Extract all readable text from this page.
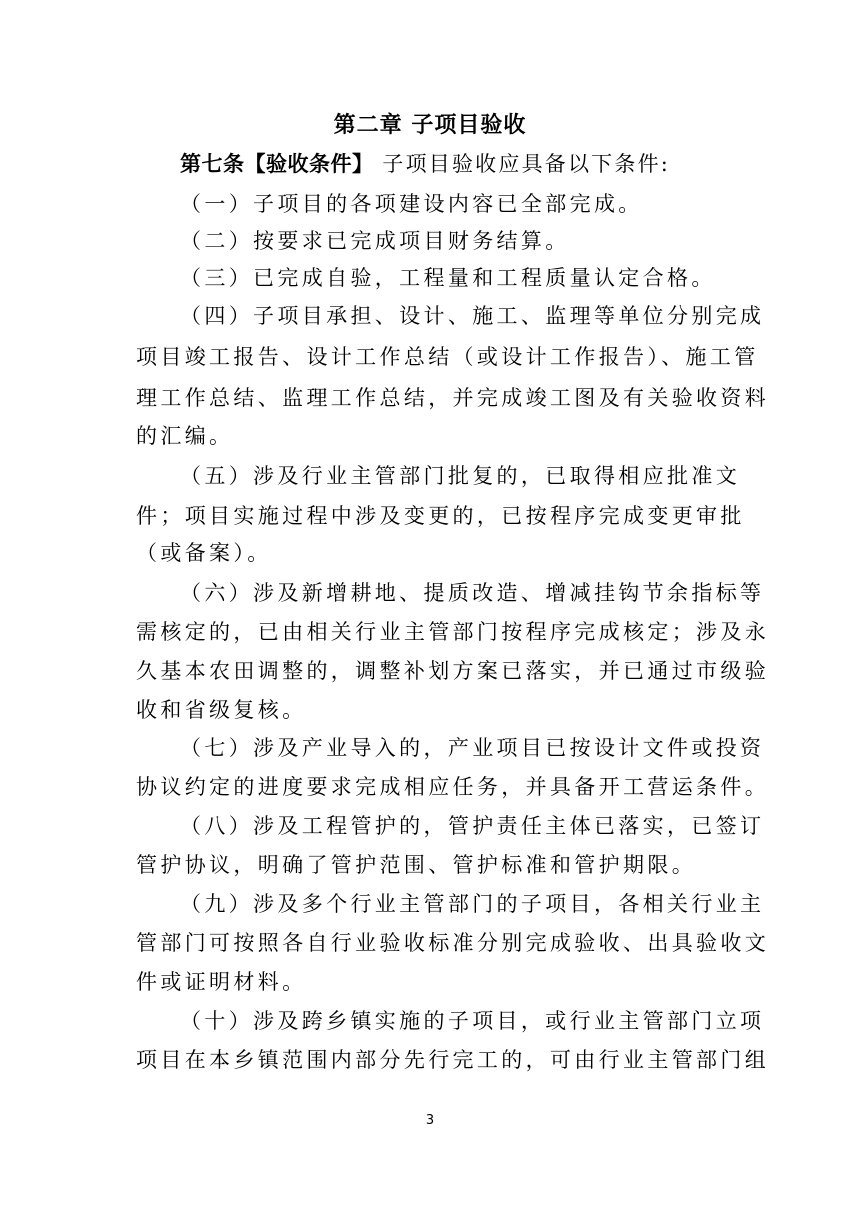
第二章 子项目验收
第七条【验收条件】 子项目验收应具备以下条件:
（一）子项目的各项建设内容已全部完成。
（二）按要求已完成项目财务结算。
（三）已完成自验，工程量和工程质量认定合格。
（四）子项目承担、设计、施工、监理等单位分别完成
项目竣工报告、设计工作总结（或设计工作报告）、施工管
理工作总结、监理工作总结，并完成竣工图及有关验收资料
的汇编。
（五）涉及行业主管部门批复的，已取得相应批准文
件；项目实施过程中涉及变更的，已按程序完成变更审批
（或备案）。
（六）涉及新增耕地、提质改造、增减挂钩节余指标等
需核定的，已由相关行业主管部门按程序完成核定；涉及永
久基本农田调整的，调整补划方案已落实，并已通过市级验
收和省级复核。
（七）涉及产业导入的，产业项目已按设计文件或投资
协议约定的进度要求完成相应任务，并具备开工营运条件。
（八）涉及工程管护的，管护责任主体已落实，已签订
管护协议，明确了管护范围、管护标准和管护期限。
（九）涉及多个行业主管部门的子项目，各相关行业主
管部门可按照各自行业验收标准分别完成验收、出具验收文
件或证明材料。
（十）涉及跨乡镇实施的子项目，或行业主管部门立项
项目在本乡镇范围内部分先行完工的，可由行业主管部门组
3
